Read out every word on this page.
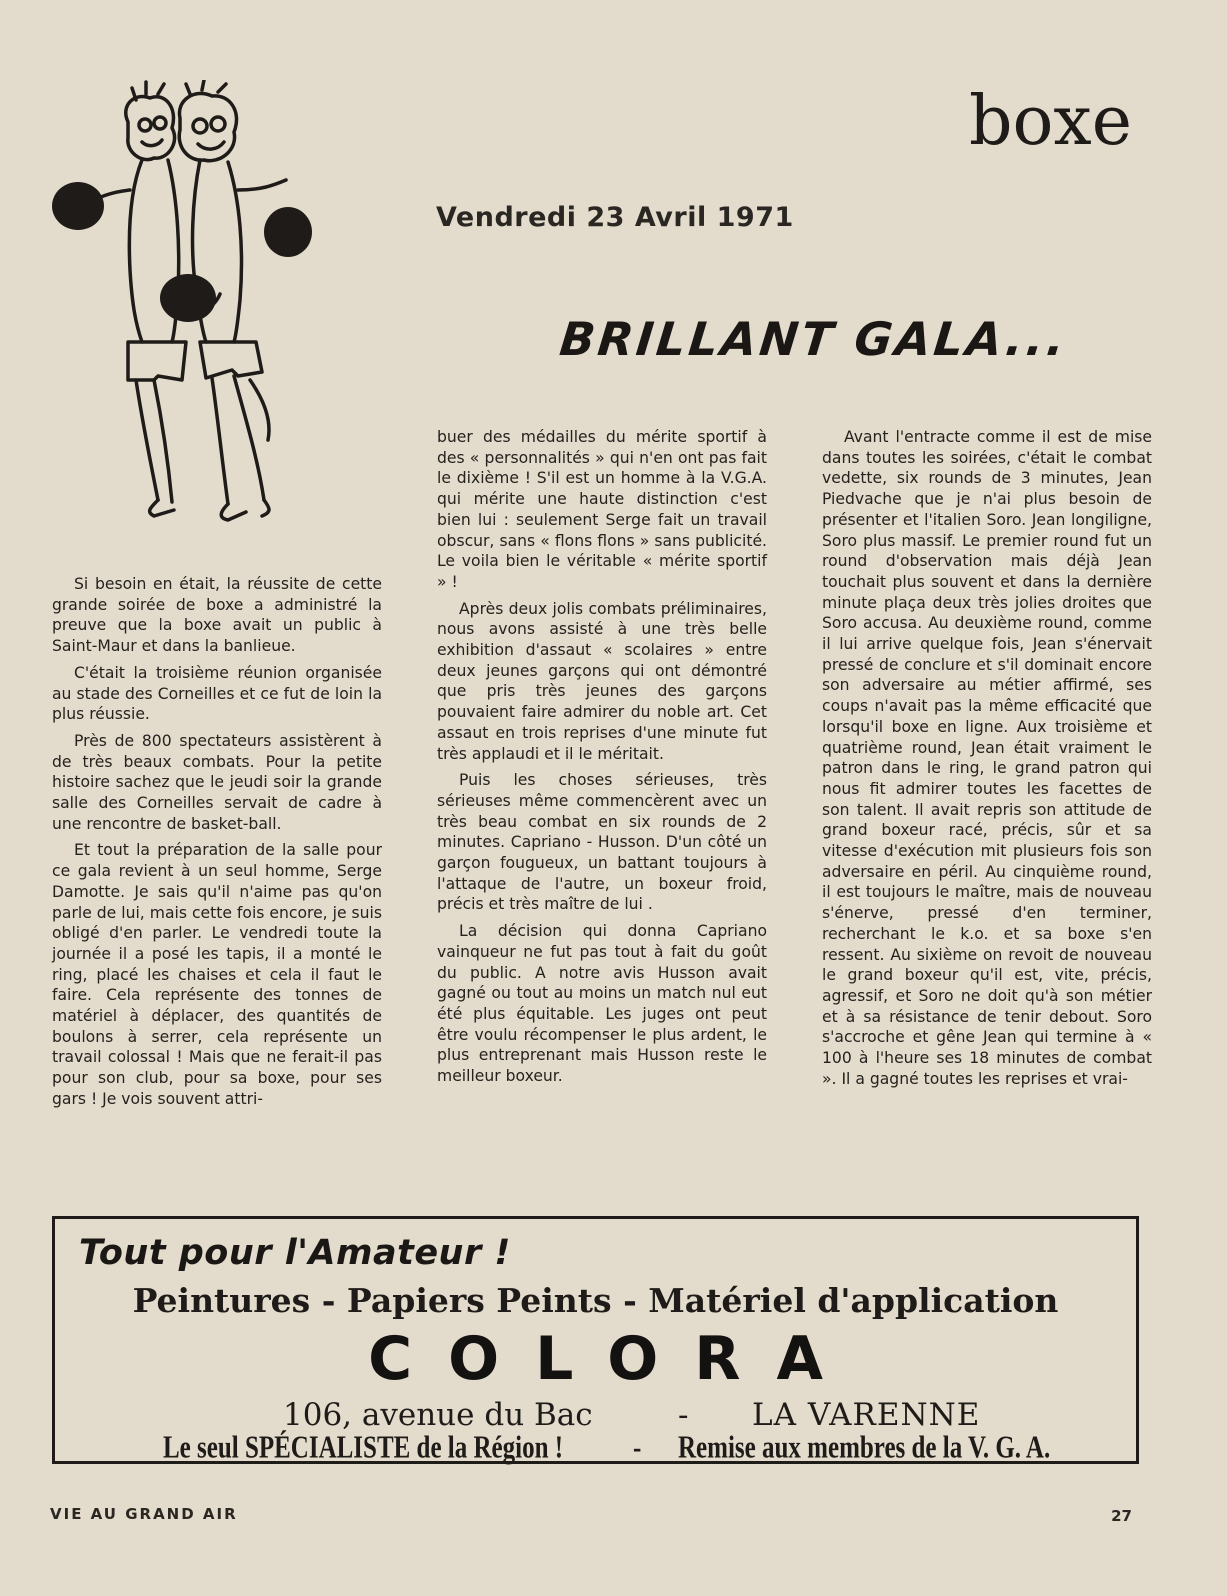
boxe
Vendredi 23 Avril 1971
BRILLANT GALA...

Si besoin en était, la réussite de cette grande soirée de boxe a administré la preuve que la boxe avait un public à Saint-Maur et dans la banlieue.

C'était la troisième réunion organisée au stade des Corneilles et ce fut de loin la plus réussie.

Près de 800 spectateurs assistèrent à de très beaux combats. Pour la petite histoire sachez que le jeudi soir la grande salle des Corneilles servait de cadre à une rencontre de basket-ball.

Et tout la préparation de la salle pour ce gala revient à un seul homme, Serge Damotte. Je sais qu'il n'aime pas qu'on parle de lui, mais cette fois encore, je suis obligé d'en parler. Le vendredi toute la journée il a posé les tapis, il a monté le ring, placé les chaises et cela il faut le faire. Cela représente des tonnes de matériel à déplacer, des quantités de boulons à serrer, cela représente un travail colossal ! Mais que ne ferait-il pas pour son club, pour sa boxe, pour ses gars ! Je vois souvent attri-

buer des médailles du mérite sportif à des « personnalités » qui n'en ont pas fait le dixième ! S'il est un homme à la V.G.A. qui mérite une haute distinction c'est bien lui : seulement Serge fait un travail obscur, sans « flons flons » sans publicité. Le voila bien le véritable « mérite sportif » !

Après deux jolis combats préliminaires, nous avons assisté à une très belle exhibition d'assaut « scolaires » entre deux jeunes garçons qui ont démontré que pris très jeunes des garçons pouvaient faire admirer du noble art. Cet assaut en trois reprises d'une minute fut très applaudi et il le méritait.

Puis les choses sérieuses, très sérieuses même commencèrent avec un très beau combat en six rounds de 2 minutes. Capriano - Husson. D'un côté un garçon fougueux, un battant toujours à l'attaque de l'autre, un boxeur froid, précis et très maître de lui .

La décision qui donna Capriano vainqueur ne fut pas tout à fait du goût du public. A notre avis Husson avait gagné ou tout au moins un match nul eut été plus équitable. Les juges ont peut être voulu récompenser le plus ardent, le plus entreprenant mais Husson reste le meilleur boxeur.

Avant l'entracte comme il est de mise dans toutes les soirées, c'était le combat vedette, six rounds de 3 minutes, Jean Piedvache que je n'ai plus besoin de présenter et l'italien Soro. Jean longiligne, Soro plus massif. Le premier round fut un round d'observation mais déjà Jean touchait plus souvent et dans la dernière minute plaça deux très jolies droites que Soro accusa. Au deuxième round, comme il lui arrive quelque fois, Jean s'énervait pressé de conclure et s'il dominait encore son adversaire au métier affirmé, ses coups n'avait pas la même efficacité que lorsqu'il boxe en ligne. Aux troisième et quatrième round, Jean était vraiment le patron dans le ring, le grand patron qui nous fit admirer toutes les facettes de son talent. Il avait repris son attitude de grand boxeur racé, précis, sûr et sa vitesse d'exécution mit plusieurs fois son adversaire en péril. Au cinquième round, il est toujours le maître, mais de nouveau s'énerve, pressé d'en terminer, recherchant le k.o. et sa boxe s'en ressent. Au sixième on revoit de nouveau le grand boxeur qu'il est, vite, précis, agressif, et Soro ne doit qu'à son métier et à sa résistance de tenir debout. Soro s'accroche et gêne Jean qui termine à « 100 à l'heure ses 18 minutes de combat ». Il a gagné toutes les reprises et vrai-

Tout pour l'Amateur !
Peintures - Papiers Peints - Matériel d'application
COLORA
106, avenue du Bac	- LA VARENNE
Le seul SPÉCIALISTE de la Région !	- Remise aux membres de la V. G. A.
VIE AU GRAND AIR	27
